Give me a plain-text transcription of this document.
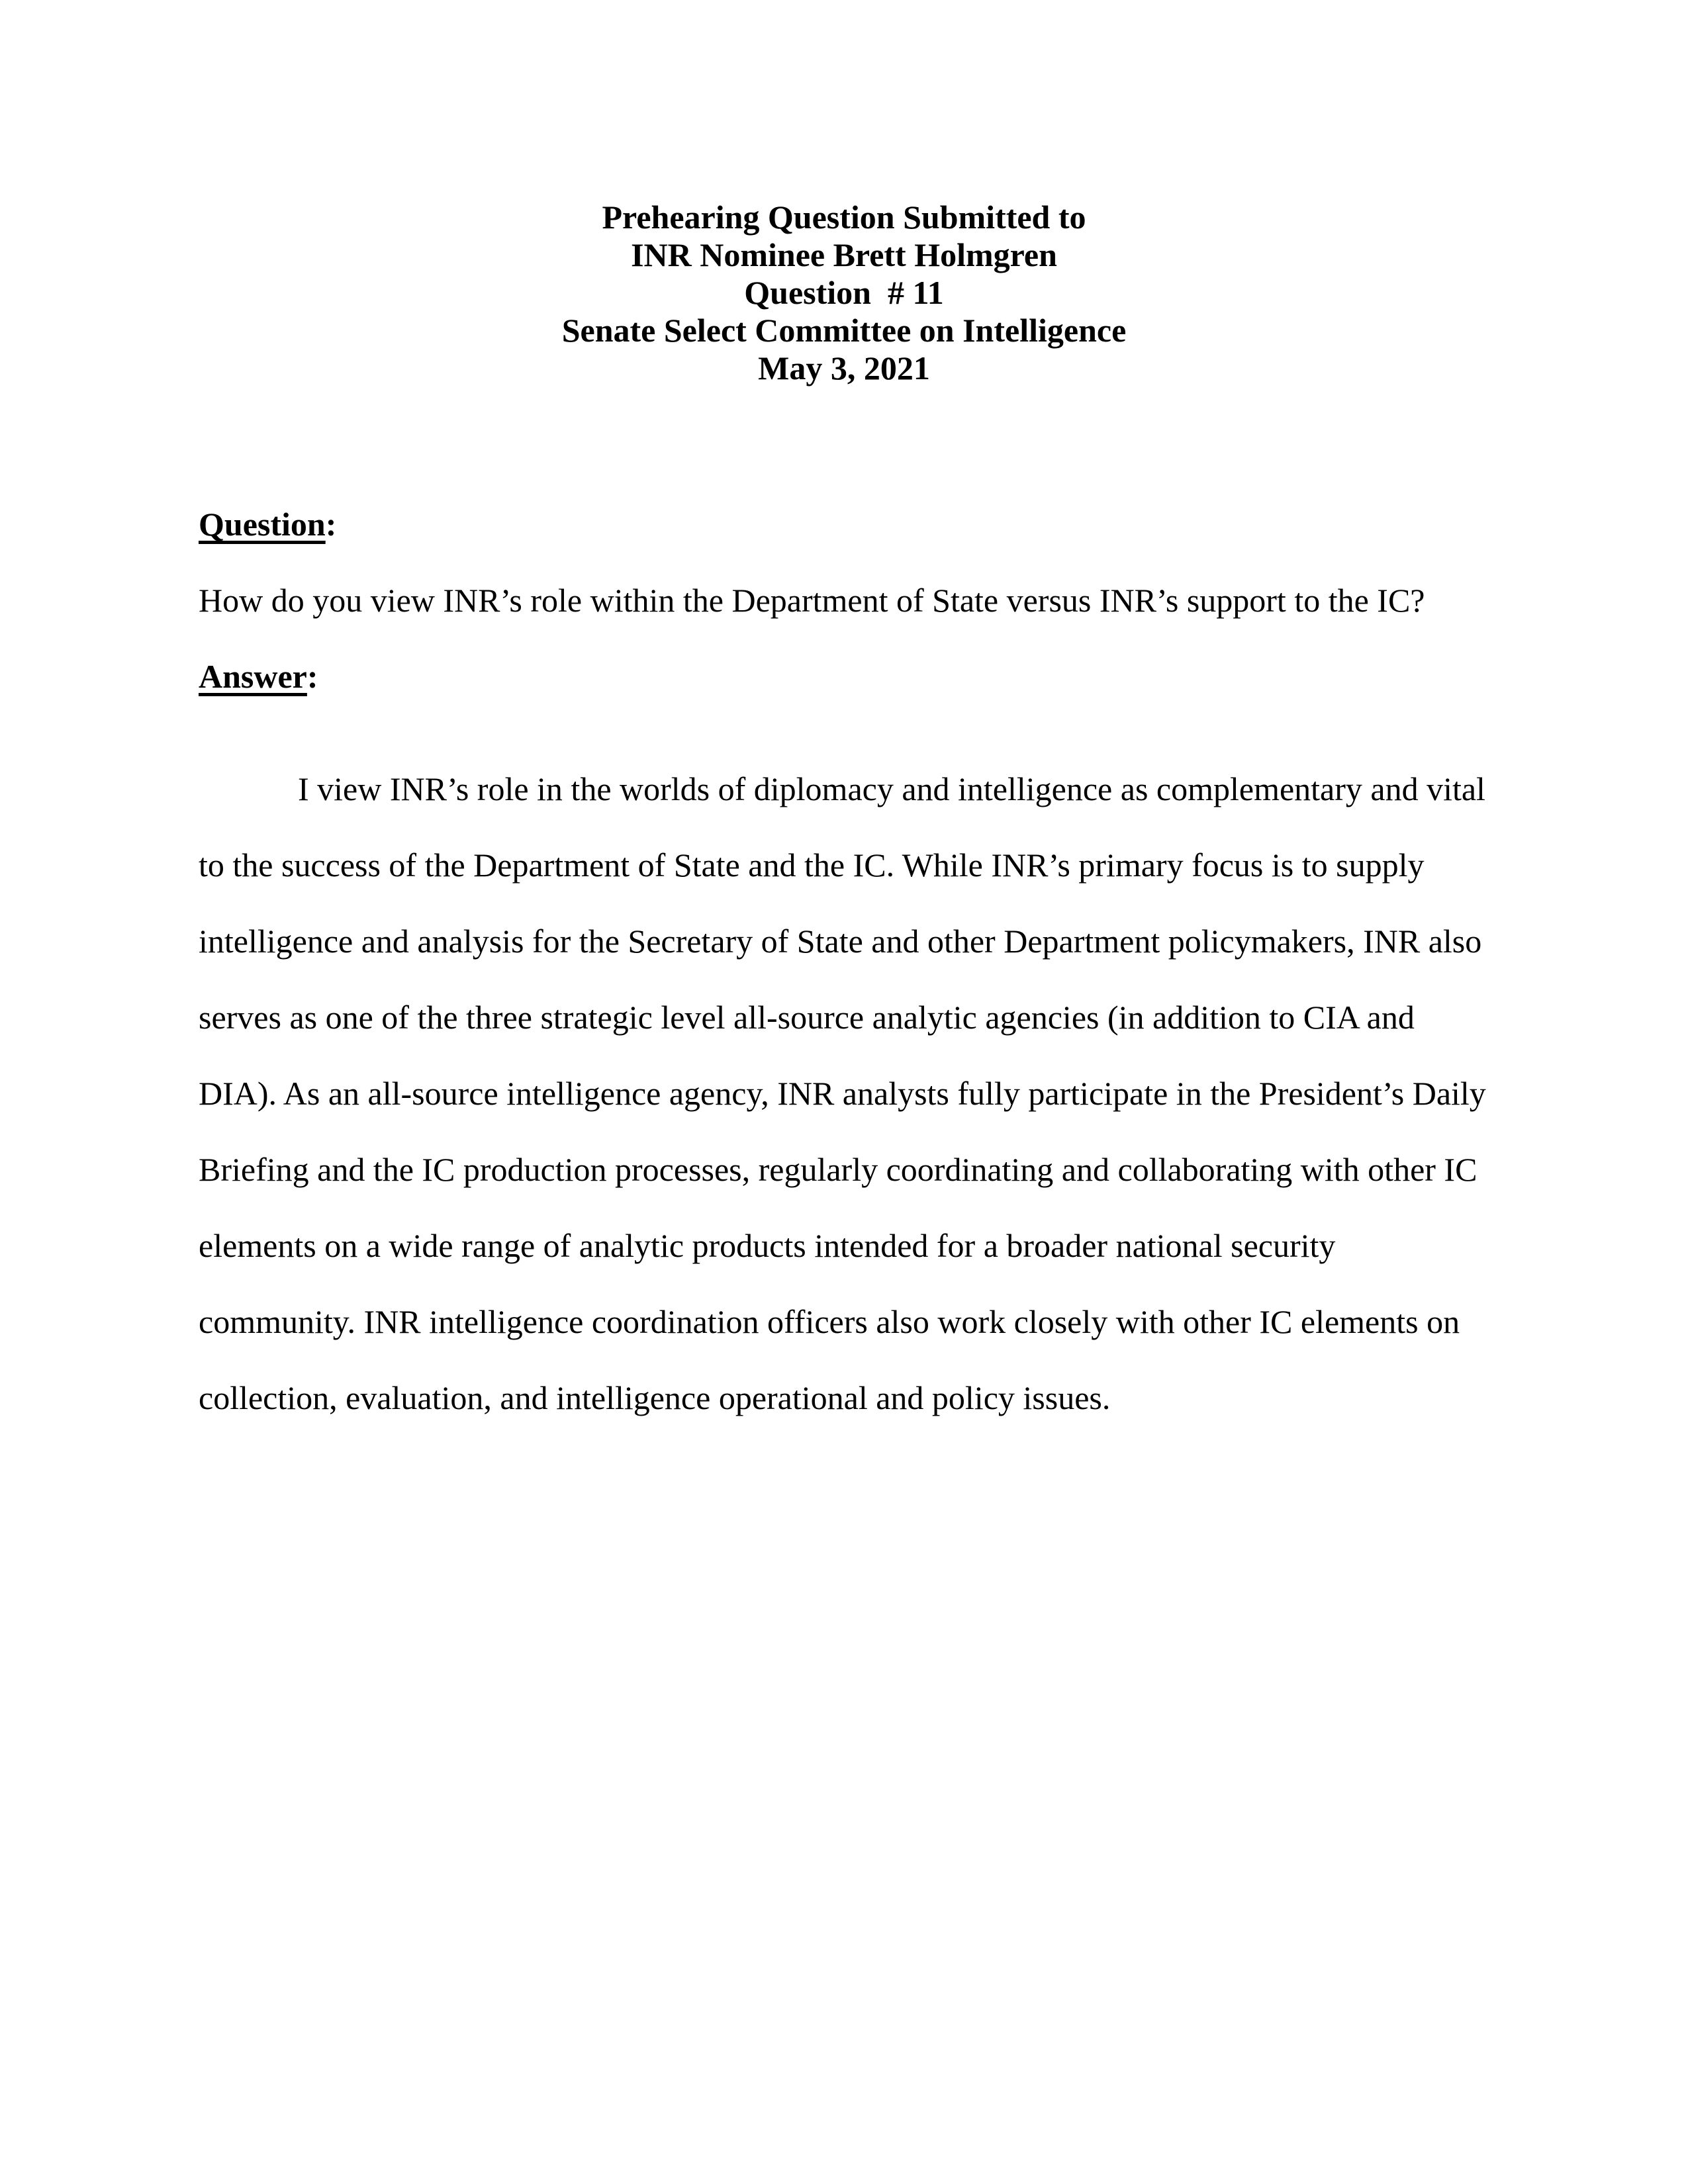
Prehearing Question Submitted to
INR Nominee Brett Holmgren
Question  # 11
Senate Select Committee on Intelligence
May 3, 2021
Question:

How do you view INR’s role within the Department of State versus INR’s support to the IC?

Answer:

I view INR’s role in the worlds of diplomacy and intelligence as complementary and vital to the success of the Department of State and the IC. While INR’s primary focus is to supply intelligence and analysis for the Secretary of State and other Department policymakers, INR also serves as one of the three strategic level all-source analytic agencies (in addition to CIA and DIA). As an all-source intelligence agency, INR analysts fully participate in the President’s Daily Briefing and the IC production processes, regularly coordinating and collaborating with other IC elements on a wide range of analytic products intended for a broader national security community. INR intelligence coordination officers also work closely with other IC elements on collection, evaluation, and intelligence operational and policy issues.
